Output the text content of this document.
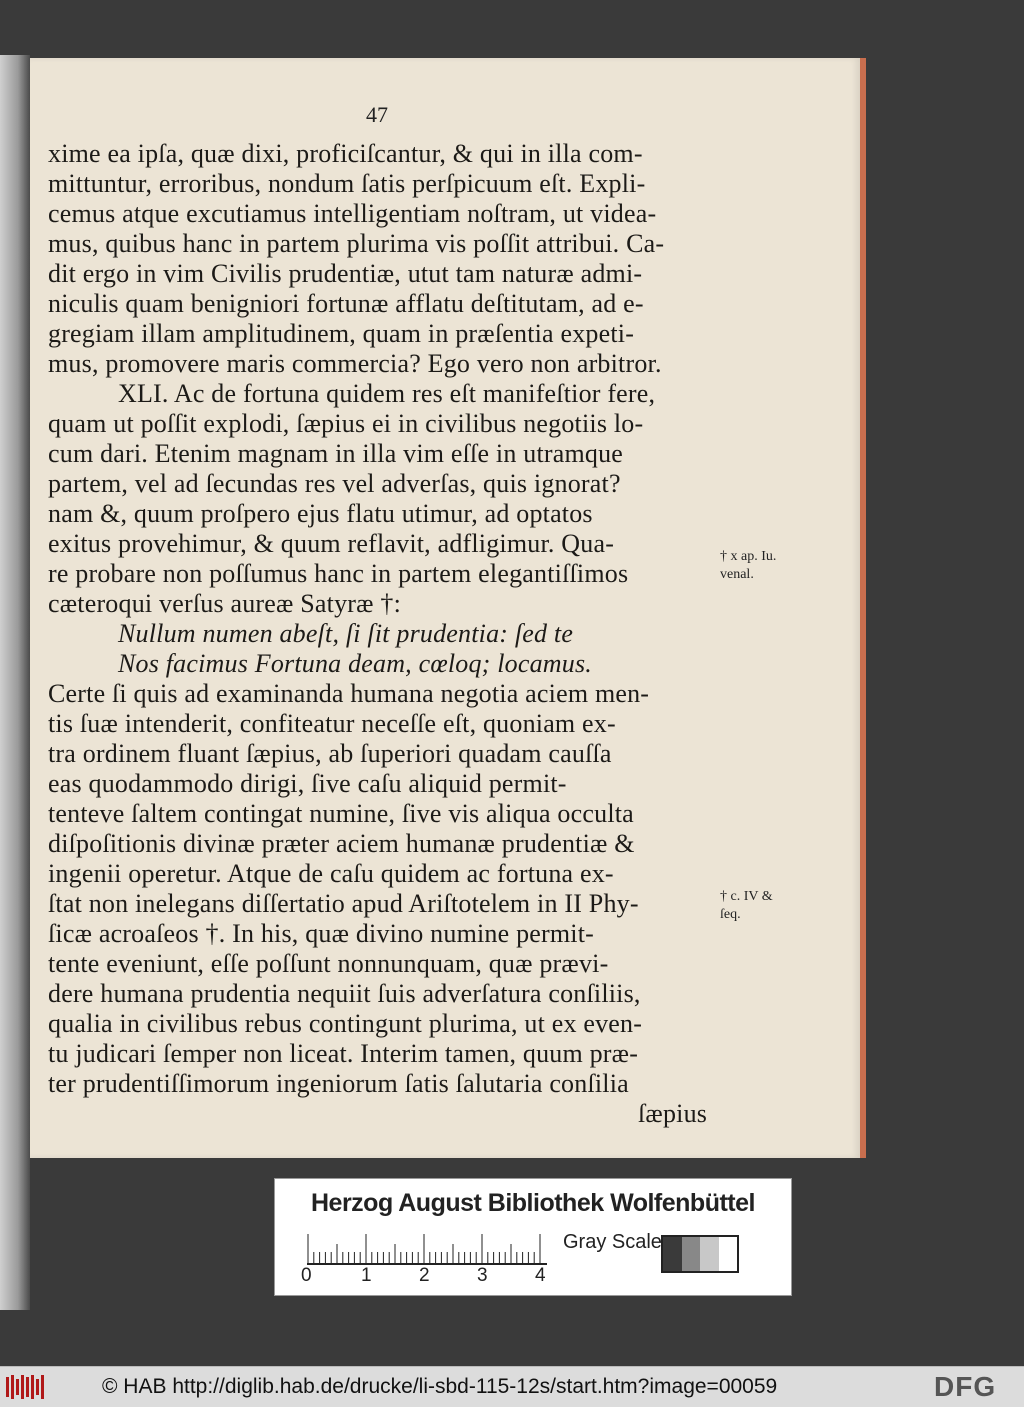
47
xime ea ipſa, quæ dixi, proficiſcantur, & qui in illa com-
mittuntur, erroribus, nondum ſatis perſpicuum eſt. Expli-
cemus atque excutiamus intelligentiam noſtram, ut videa-
mus, quibus hanc in partem plurima vis poſſit attribui. Ca-
dit ergo in vim Civilis prudentiæ, utut tam naturæ admi-
niculis quam benigniori fortunæ afflatu deſtitutam, ad e-
gregiam illam amplitudinem, quam in præſentia expeti-
mus, promovere maris commercia? Ego vero non arbitror.
XLI. Ac de fortuna quidem res eſt manifeſtior fere,
quam ut poſſit explodi, ſæpius ei in civilibus negotiis lo-
cum dari. Etenim magnam in illa vim eſſe in utramque
partem, vel ad ſecundas res vel adverſas, quis ignorat?
nam &, quum proſpero ejus flatu utimur, ad optatos
exitus provehimur, & quum reflavit, adfligimur. Qua-
re probare non poſſumus hanc in partem elegantiſſimos
cæteroqui verſus aureæ Satyræ †:
Nullum numen abeſt, ſi ſit prudentia: ſed te
Nos facimus Fortuna deam, cœloq; locamus.
Certe ſi quis ad examinanda humana negotia aciem men-
tis ſuæ intenderit, confiteatur neceſſe eſt, quoniam ex-
tra ordinem fluant ſæpius, ab ſuperiori quadam cauſſa
eas quodammodo dirigi, ſive caſu aliquid permit-
tenteve ſaltem contingat numine, ſive vis aliqua occulta
diſpoſitionis divinæ præter aciem humanæ prudentiæ &
ingenii operetur. Atque de caſu quidem ac fortuna ex-
ſtat non inelegans diſſertatio apud Ariſtotelem in II Phy-
ſicæ acroaſeos †. In his, quæ divino numine permit-
tente eveniunt, eſſe poſſunt nonnunquam, quæ prævi-
dere humana prudentia nequiit ſuis adverſatura conſiliis,
qualia in civilibus rebus contingunt plurima, ut ex even-
tu judicari ſemper non liceat. Interim tamen, quum præ-
ter prudentiſſimorum ingeniorum ſatis ſalutaria conſilia
ſæpius
† x ap. Iu.
venal.
† c. IV &
ſeq.
Herzog August Bibliothek Wolfenbüttel
0	1 2 3 4
Gray Scale
© HAB http://diglib.hab.de/drucke/li-sbd-115-12s/start.htm?image=00059	DFG
